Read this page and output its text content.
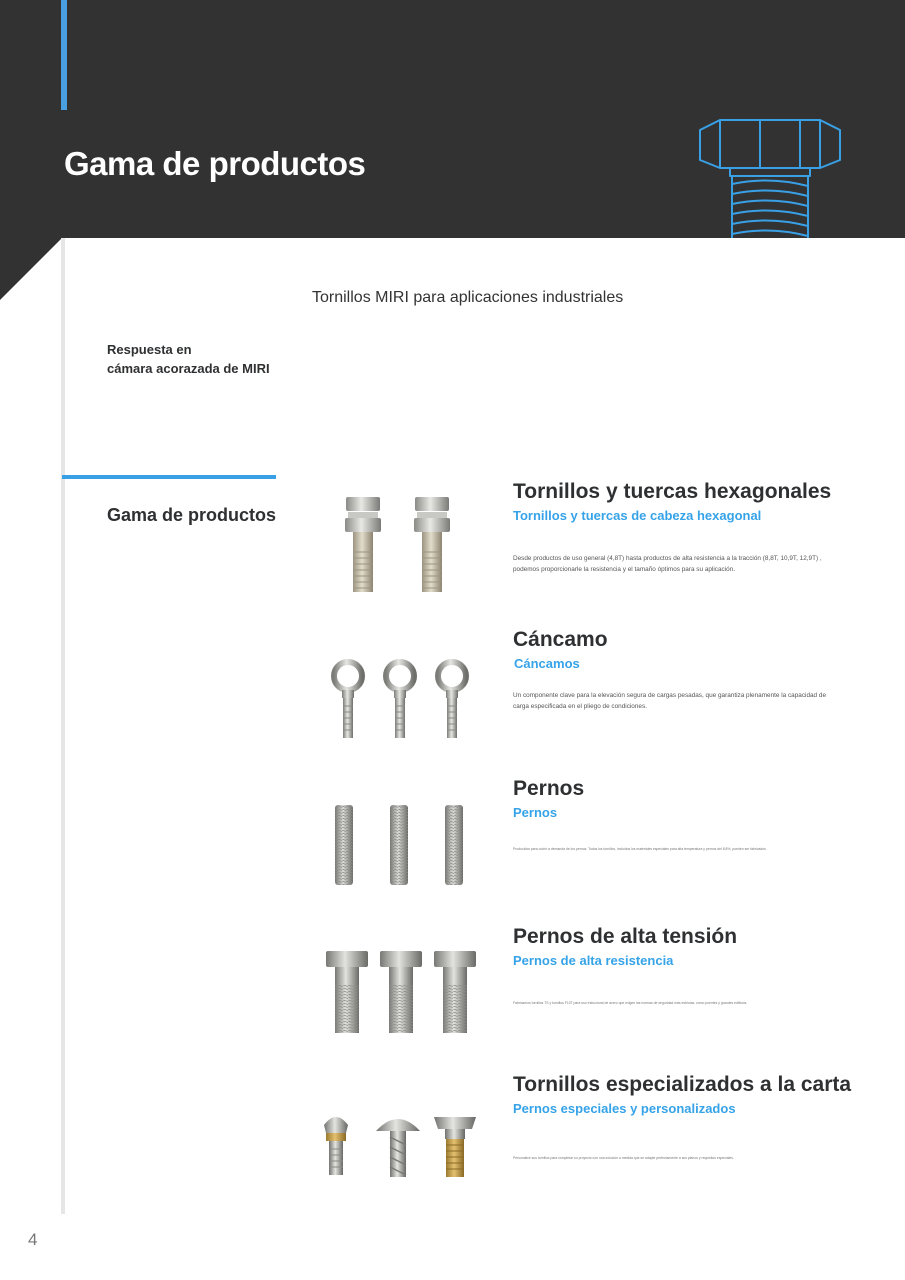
Gama de productos
Tornillos MIRI para aplicaciones industriales
Respuesta en
cámara acorazada de MIRI
Gama de productos
Tornillos y tuercas hexagonales
Tornillos y tuercas de cabeza hexagonal
Desde productos de uso general (4,8T) hasta productos de alta resistencia a la tracción (8,8T, 10,9T, 12,9T) , podemos proporcionarle la resistencia y el tamaño óptimos para su aplicación.
Cáncamo
Cáncamos
Un componente clave para la elevación segura de cargas pesadas, que garantiza plenamente la capacidad de carga especificada en el pliego de condiciones.
Pernos
Pernos
Producidos para cubrir a demanda de los pernos. Todos los tornillos, incluidos los materiales especiales para alta temperatura y pernos del 8.8%, pueden ser fabricados.
Pernos de alta tensión
Pernos de alta resistencia
Fabricamos tornillos TS y tornillos F10T para uso estructural de acero que exigen las normas de seguridad más estrictas, como puentes y grandes edificios.
Tornillos especializados a la carta
Pernos especiales y personalizados
Personalice sus tornillos para completar su proyecto con una solución a medida que se adapte perfectamente a sus planos y requisitos especiales.
4
